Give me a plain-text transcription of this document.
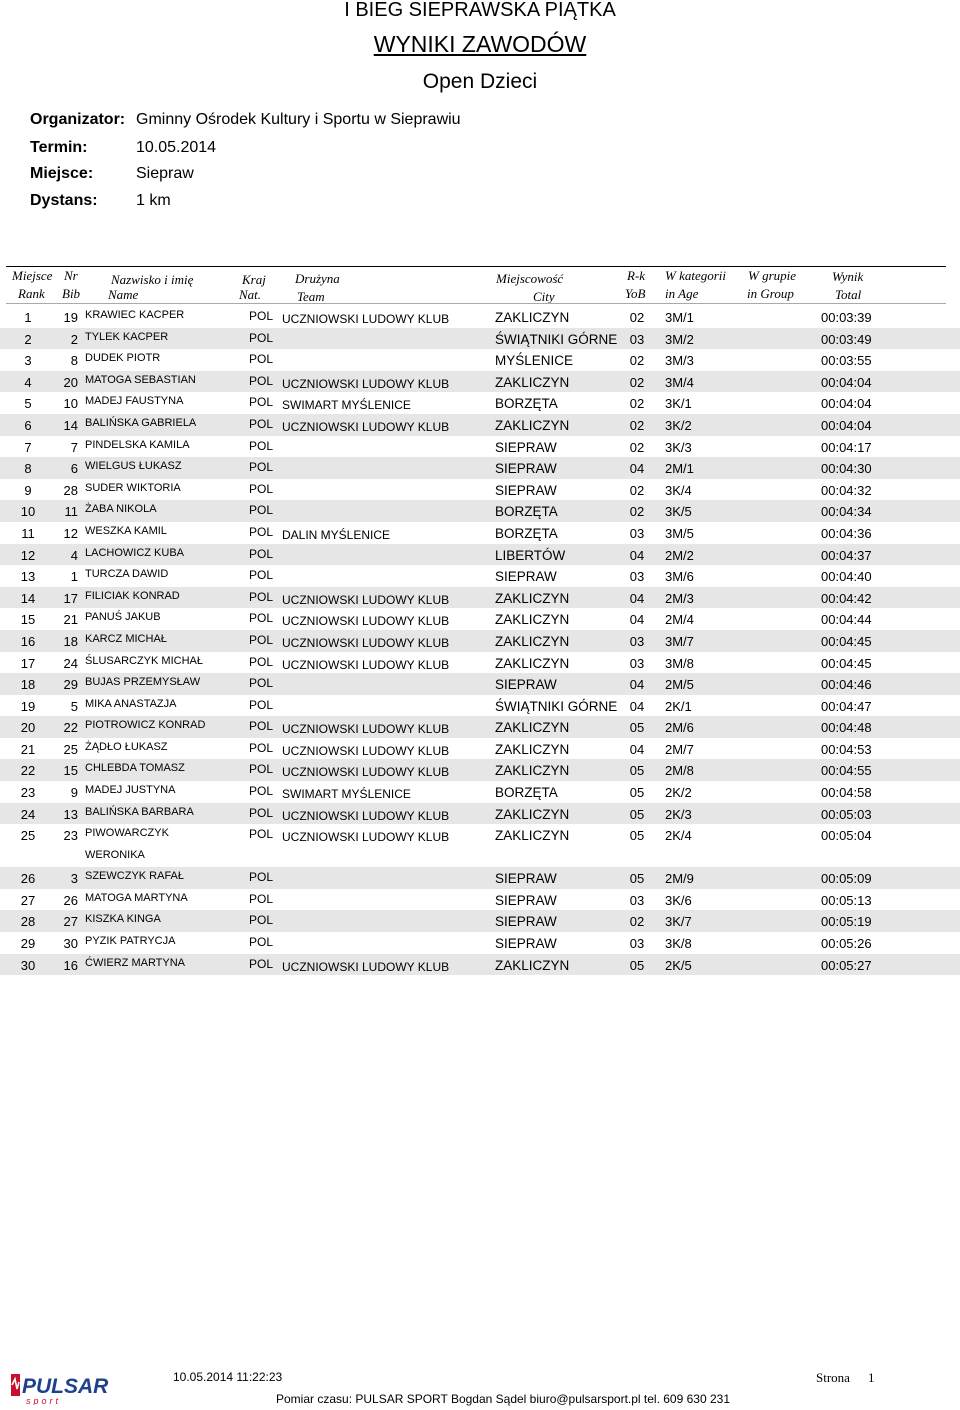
I BIEG SIEPRAWSKA PIĄTKA
WYNIKI ZAWODÓW
Open Dzieci
Organizator: Gminny Ośrodek Kultury i Sportu w Sieprawiu
Termin:	10.05.2014
Miejsce:	Siepraw
Dystans: 1 km
Miejsce
Rank
Nr
Bib
Nazwisko i imię
Name
Kraj
Nat.
Drużyna
Team
Miejscowość
City
R-k
YoB
W kategorii
in Age
W grupie
in Group
Wynik
Total
1	19 KRAWIEC KACPER	POL UCZNIOWSKI LUDOWY KLUB	ZAKLICZYN	02	3M/1	00:03:39
2	2 TYLEK KACPER	POL	ŚWIĄTNIKI GÓRNE 03	3M/2	00:03:49
3	8 DUDEK PIOTR	POL	MYŚLENICE	02	3M/3	00:03:55
4	20 MATOGA SEBASTIAN	POL UCZNIOWSKI LUDOWY KLUB	ZAKLICZYN	02	3M/4	00:04:04
5	10 MADEJ FAUSTYNA	POL SWIMART MYŚLENICE	BORZĘTA	02	3K/1	00:04:04
6	14 BALIŃSKA GABRIELA	POL UCZNIOWSKI LUDOWY KLUB	ZAKLICZYN	02	3K/2	00:04:04
7	7 PINDELSKA KAMILA	POL	SIEPRAW	02	3K/3	00:04:17
8	6 WIELGUS ŁUKASZ	POL	SIEPRAW	04	2M/1	00:04:30
9	28 SUDER WIKTORIA	POL	SIEPRAW	02	3K/4	00:04:32
10	11 ŻABA NIKOLA	POL	BORZĘTA	02	3K/5	00:04:34
11	12 WESZKA KAMIL	POL DALIN MYŚLENICE	BORZĘTA	03	3M/5	00:04:36
12	4 LACHOWICZ KUBA	POL	LIBERTÓW	04	2M/2	00:04:37
13	1 TURCZA DAWID	POL	SIEPRAW	03	3M/6	00:04:40
14	17 FILICIAK KONRAD	POL UCZNIOWSKI LUDOWY KLUB	ZAKLICZYN	04	2M/3	00:04:42
15	21 PANUŚ JAKUB	POL UCZNIOWSKI LUDOWY KLUB	ZAKLICZYN	04	2M/4	00:04:44
16	18 KARCZ MICHAŁ	POL UCZNIOWSKI LUDOWY KLUB	ZAKLICZYN	03	3M/7	00:04:45
17	24 ŚLUSARCZYK MICHAŁ	POL UCZNIOWSKI LUDOWY KLUB	ZAKLICZYN	03	3M/8	00:04:45
18	29 BUJAS PRZEMYSŁAW	POL	SIEPRAW	04	2M/5	00:04:46
19	5 MIKA ANASTAZJA	POL	ŚWIĄTNIKI GÓRNE 04	2K/1	00:04:47
20	22 PIOTROWICZ KONRAD	POL UCZNIOWSKI LUDOWY KLUB	ZAKLICZYN	05	2M/6	00:04:48
21	25 ŻĄDŁO ŁUKASZ	POL UCZNIOWSKI LUDOWY KLUB	ZAKLICZYN	04	2M/7	00:04:53
22	15 CHLEBDA TOMASZ	POL UCZNIOWSKI LUDOWY KLUB	ZAKLICZYN	05	2M/8	00:04:55
23	9 MADEJ JUSTYNA	POL SWIMART MYŚLENICE	BORZĘTA	05	2K/2	00:04:58
24	13 BALIŃSKA BARBARA	POL UCZNIOWSKI LUDOWY KLUB	ZAKLICZYN	05	2K/3	00:05:03
25	23 PIWOWARCZYK
WERONIKA
POL UCZNIOWSKI LUDOWY KLUB	ZAKLICZYN	05	2K/4	00:05:04
26	3 SZEWCZYK RAFAŁ	POL	SIEPRAW	05	2M/9	00:05:09
27	26 MATOGA MARTYNA	POL	SIEPRAW	03	3K/6	00:05:13
28	27 KISZKA KINGA	POL	SIEPRAW	02	3K/7	00:05:19
29	30 PYZIK PATRYCJA	POL	SIEPRAW	03	3K/8	00:05:26
30	16 ĆWIERZ MARTYNA	POL UCZNIOWSKI LUDOWY KLUB	ZAKLICZYN	05	2K/5	00:05:27
PULSAR
sport
10.05.2014 11:22:23	Strona 1
Pomiar czasu: PULSAR SPORT Bogdan Sądel biuro@pulsarsport.pl tel. 609 630 231
